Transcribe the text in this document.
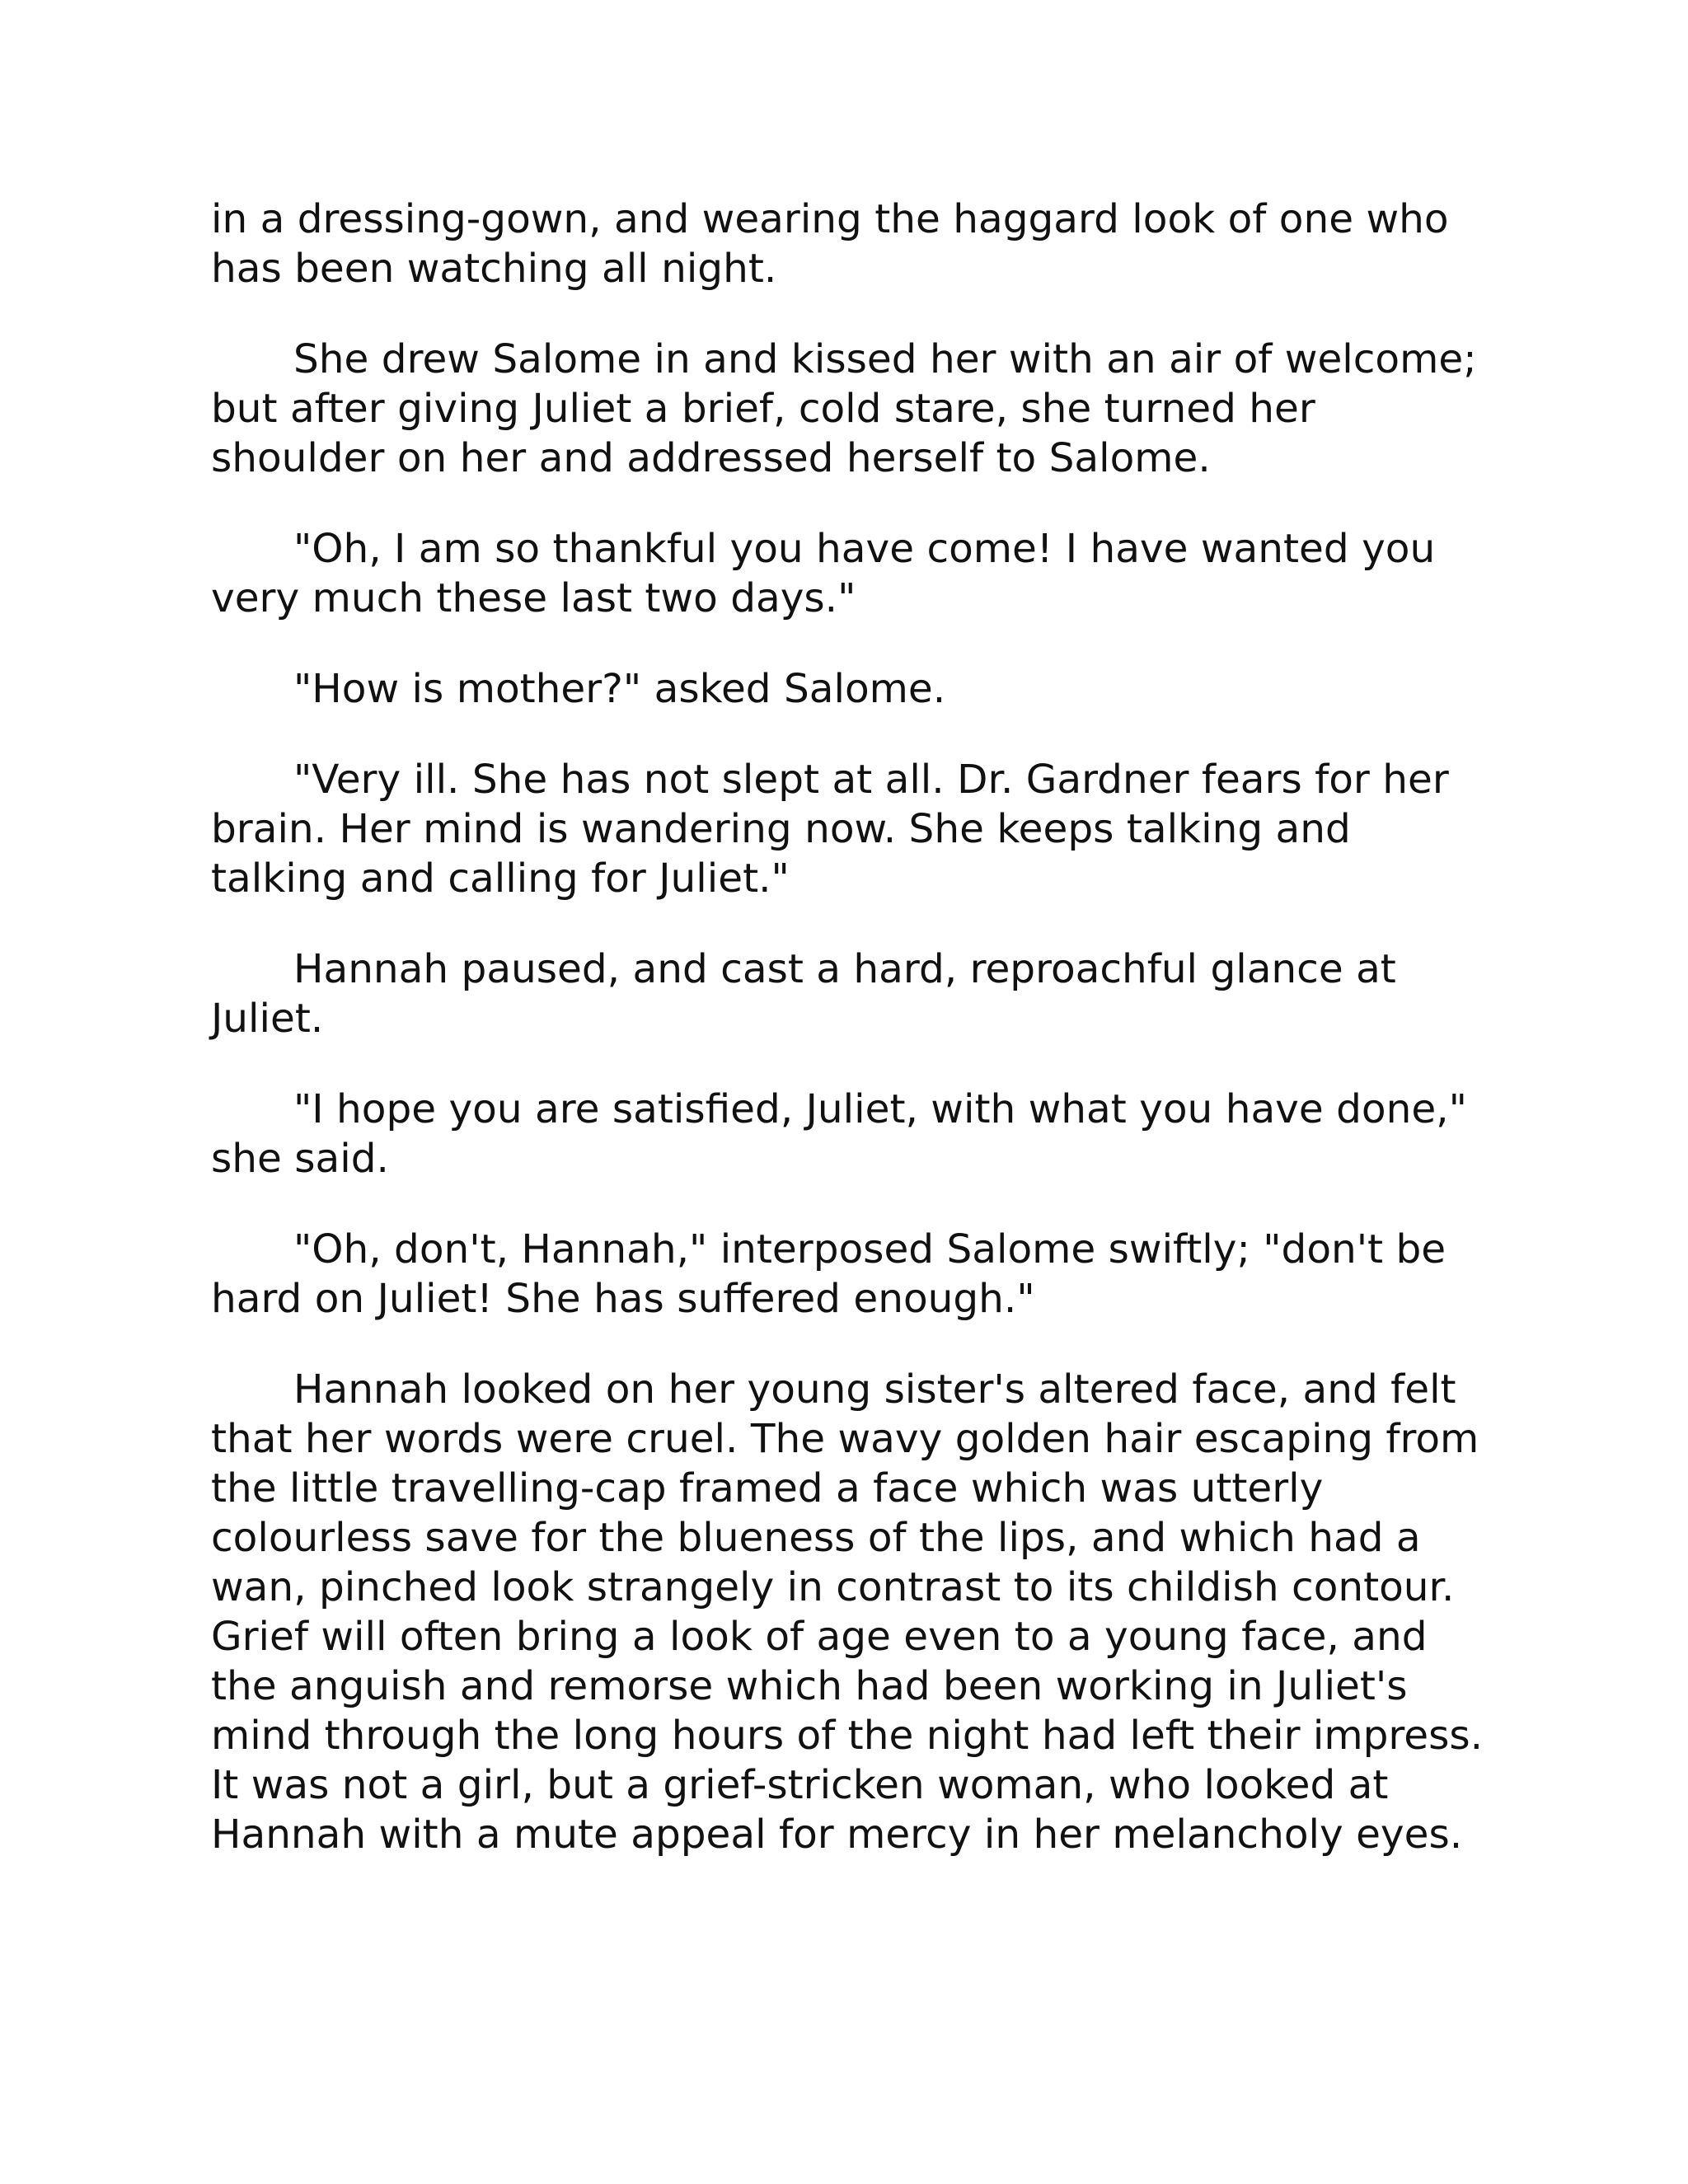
in a dressing-gown, and wearing the haggard look of one who has been watching all night.

She drew Salome in and kissed her with an air of welcome; but after giving Juliet a brief, cold stare, she turned her shoulder on her and addressed herself to Salome.

"Oh, I am so thankful you have come! I have wanted you very much these last two days."

"How is mother?" asked Salome.

"Very ill. She has not slept at all. Dr. Gardner fears for her brain. Her mind is wandering now. She keeps talking and talking and calling for Juliet."

Hannah paused, and cast a hard, reproachful glance at Juliet.

"I hope you are satisfied, Juliet, with what you have done," she said.

"Oh, don't, Hannah," interposed Salome swiftly; "don't be hard on Juliet! She has suffered enough."

Hannah looked on her young sister's altered face, and felt that her words were cruel. The wavy golden hair escaping from the little travelling-cap framed a face which was utterly colourless save for the blueness of the lips, and which had a wan, pinched look strangely in contrast to its childish contour. Grief will often bring a look of age even to a young face, and the anguish and remorse which had been working in Juliet's mind through the long hours of the night had left their impress. It was not a girl, but a grief-stricken woman, who looked at Hannah with a mute appeal for mercy in her melancholy eyes.
